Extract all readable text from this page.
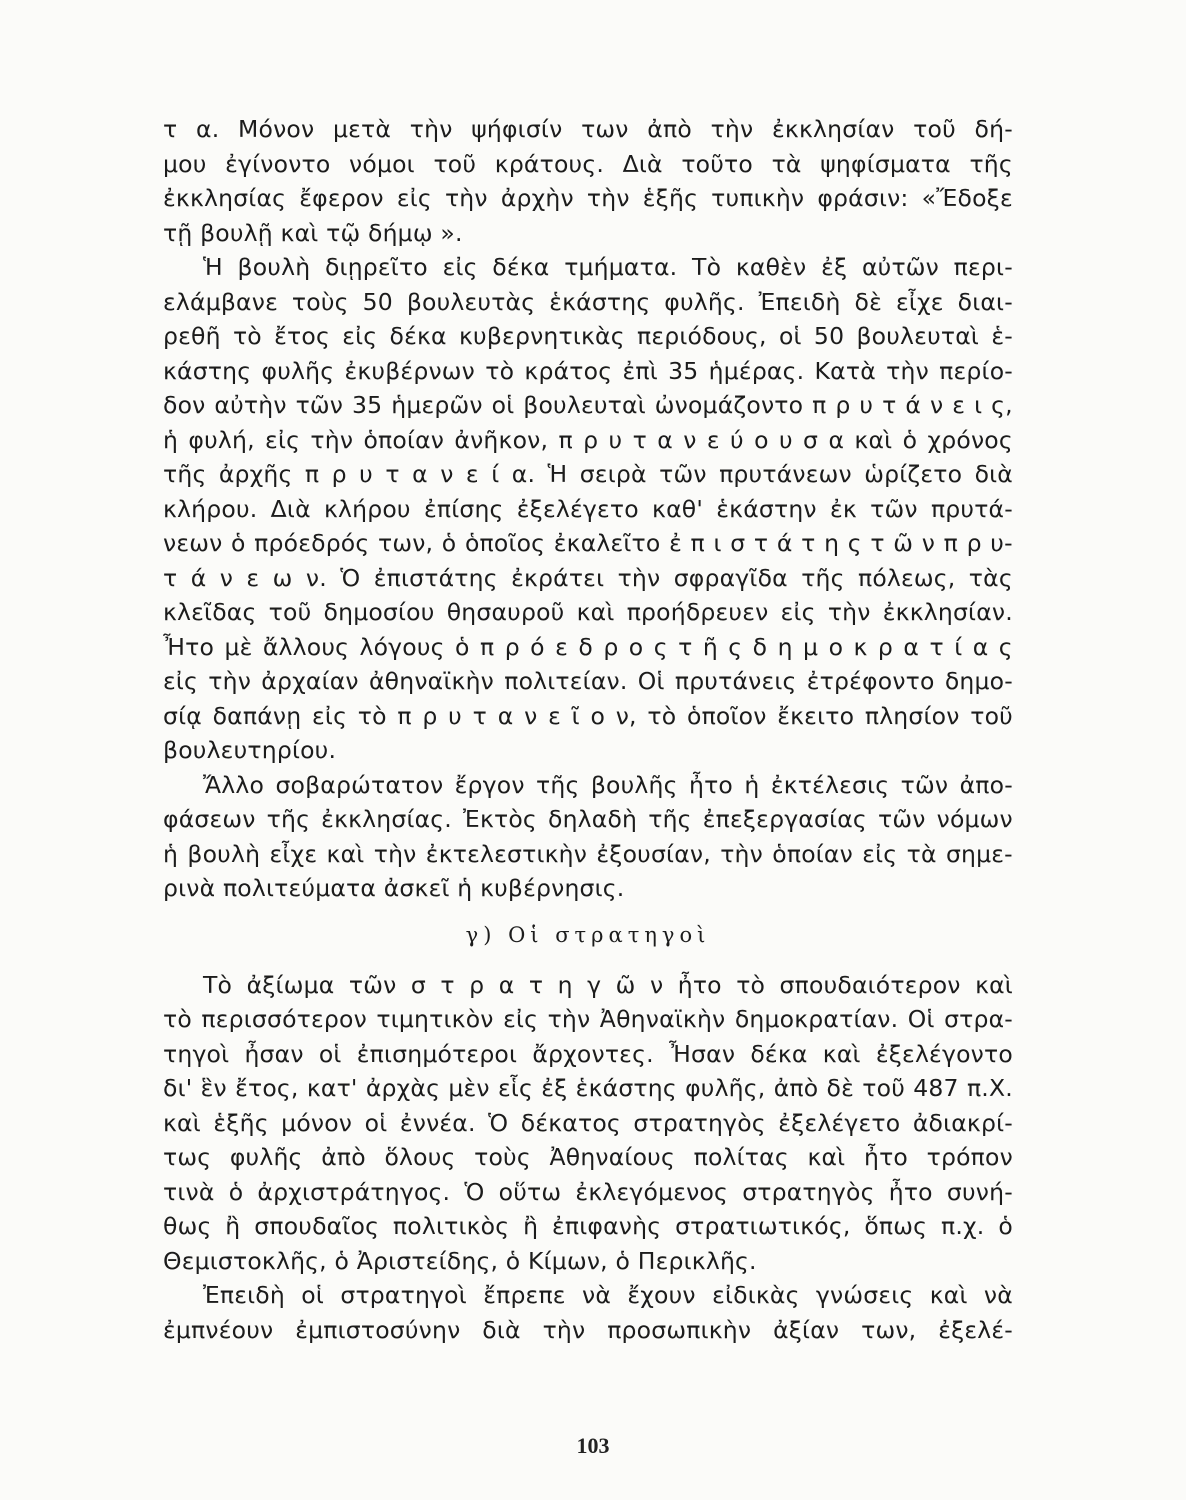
τ α. Μόνον μετὰ τὴν ψήφισίν των ἀπὸ τὴν ἐκκλησίαν τοῦ δή-
μου ἐγίνοντο νόμοι τοῦ κράτους. Διὰ τοῦτο τὰ ψηφίσματα τῆς
ἐκκλησίας ἔφερον εἰς τὴν ἀρχὴν τὴν ἑξῆς τυπικὴν φράσιν: «Ἔδοξε
τῇ βουλῇ καὶ τῷ δήμῳ ».
Ἡ βουλὴ διῃρεῖτο εἰς δέκα τμήματα. Τὸ καθὲν ἐξ αὐτῶν περι-
ελάμβανε τοὺς 50 βουλευτὰς ἑκάστης φυλῆς. Ἐπειδὴ δὲ εἶχε διαι-
ρεθῆ τὸ ἔτος εἰς δέκα κυβερνητικὰς περιόδους, οἱ 50 βουλευταὶ ἑ-
κάστης φυλῆς ἐκυβέρνων τὸ κράτος ἐπὶ 35 ἡμέρας. Κατὰ τὴν περίο-
δον αὐτὴν τῶν 35 ἡμερῶν οἱ βουλευταὶ ὠνομάζοντο π ρ υ τ ά ν ε ι ς,
ἡ φυλή, εἰς τὴν ὁποίαν ἀνῆκον, π ρ υ τ α ν ε ύ ο υ σ α καὶ ὁ χρόνος
τῆς ἀρχῆς π ρ υ τ α ν ε ί α. Ἡ σειρὰ τῶν πρυτάνεων ὡρίζετο διὰ
κλήρου. Διὰ κλήρου ἐπίσης ἐξελέγετο καθ' ἑκάστην ἐκ τῶν πρυτά-
νεων ὁ πρόεδρός των, ὁ ὁποῖος ἐκαλεῖτο ἐ π ι σ τ ά τ η ς τ ῶ ν π ρ υ-
τ ά ν ε ω ν. Ὁ ἐπιστάτης ἐκράτει τὴν σφραγῖδα τῆς πόλεως, τὰς
κλεῖδας τοῦ δημοσίου θησαυροῦ καὶ προήδρευεν εἰς τὴν ἐκκλησίαν.
Ἦτο μὲ ἄλλους λόγους ὁ π ρ ό ε δ ρ ο ς τ ῆ ς δ η μ ο κ ρ α τ ί α ς
εἰς τὴν ἀρχαίαν ἀθηναϊκὴν πολιτείαν. Οἱ πρυτάνεις ἐτρέφοντο δημο-
σίᾳ δαπάνῃ εἰς τὸ π ρ υ τ α ν ε ῖ ο ν, τὸ ὁποῖον ἔκειτο πλησίον τοῦ
βουλευτηρίου.
Ἄλλο σοβαρώτατον ἔργον τῆς βουλῆς ἦτο ἡ ἐκτέλεσις τῶν ἀπο-
φάσεων τῆς ἐκκλησίας. Ἐκτὸς δηλαδὴ τῆς ἐπεξεργασίας τῶν νόμων
ἡ βουλὴ εἶχε καὶ τὴν ἐκτελεστικὴν ἐξουσίαν, τὴν ὁποίαν εἰς τὰ σημε-
ρινὰ πολιτεύματα ἀσκεῖ ἡ κυβέρνησις.
γ) Οἱ στρατηγοὶ
Τὸ ἀξίωμα τῶν σ τ ρ α τ η γ ῶ ν ἦτο τὸ σπουδαιότερον καὶ
τὸ περισσότερον τιμητικὸν εἰς τὴν Ἀθηναϊκὴν δημοκρατίαν. Οἱ στρα-
τηγοὶ ἦσαν οἱ ἐπισημότεροι ἄρχοντες. Ἦσαν δέκα καὶ ἐξελέγοντο
δι' ἓν ἔτος, κατ' ἀρχὰς μὲν εἷς ἐξ ἑκάστης φυλῆς, ἀπὸ δὲ τοῦ 487 π.Χ.
καὶ ἑξῆς μόνον οἱ ἐννέα. Ὁ δέκατος στρατηγὸς ἐξελέγετο ἀδιακρί-
τως φυλῆς ἀπὸ ὅλους τοὺς Ἀθηναίους πολίτας καὶ ἦτο τρόπον
τινὰ ὁ ἀρχιστράτηγος. Ὁ οὕτω ἐκλεγόμενος στρατηγὸς ἦτο συνή-
θως ἢ σπουδαῖος πολιτικὸς ἢ ἐπιφανὴς στρατιωτικός, ὅπως π.χ. ὁ
Θεμιστοκλῆς, ὁ Ἀριστείδης, ὁ Κίμων, ὁ Περικλῆς.
Ἐπειδὴ οἱ στρατηγοὶ ἔπρεπε νὰ ἔχουν εἰδικὰς γνώσεις καὶ νὰ
ἐμπνέουν ἐμπιστοσύνην διὰ τὴν προσωπικὴν ἀξίαν των, ἐξελέ-
103
